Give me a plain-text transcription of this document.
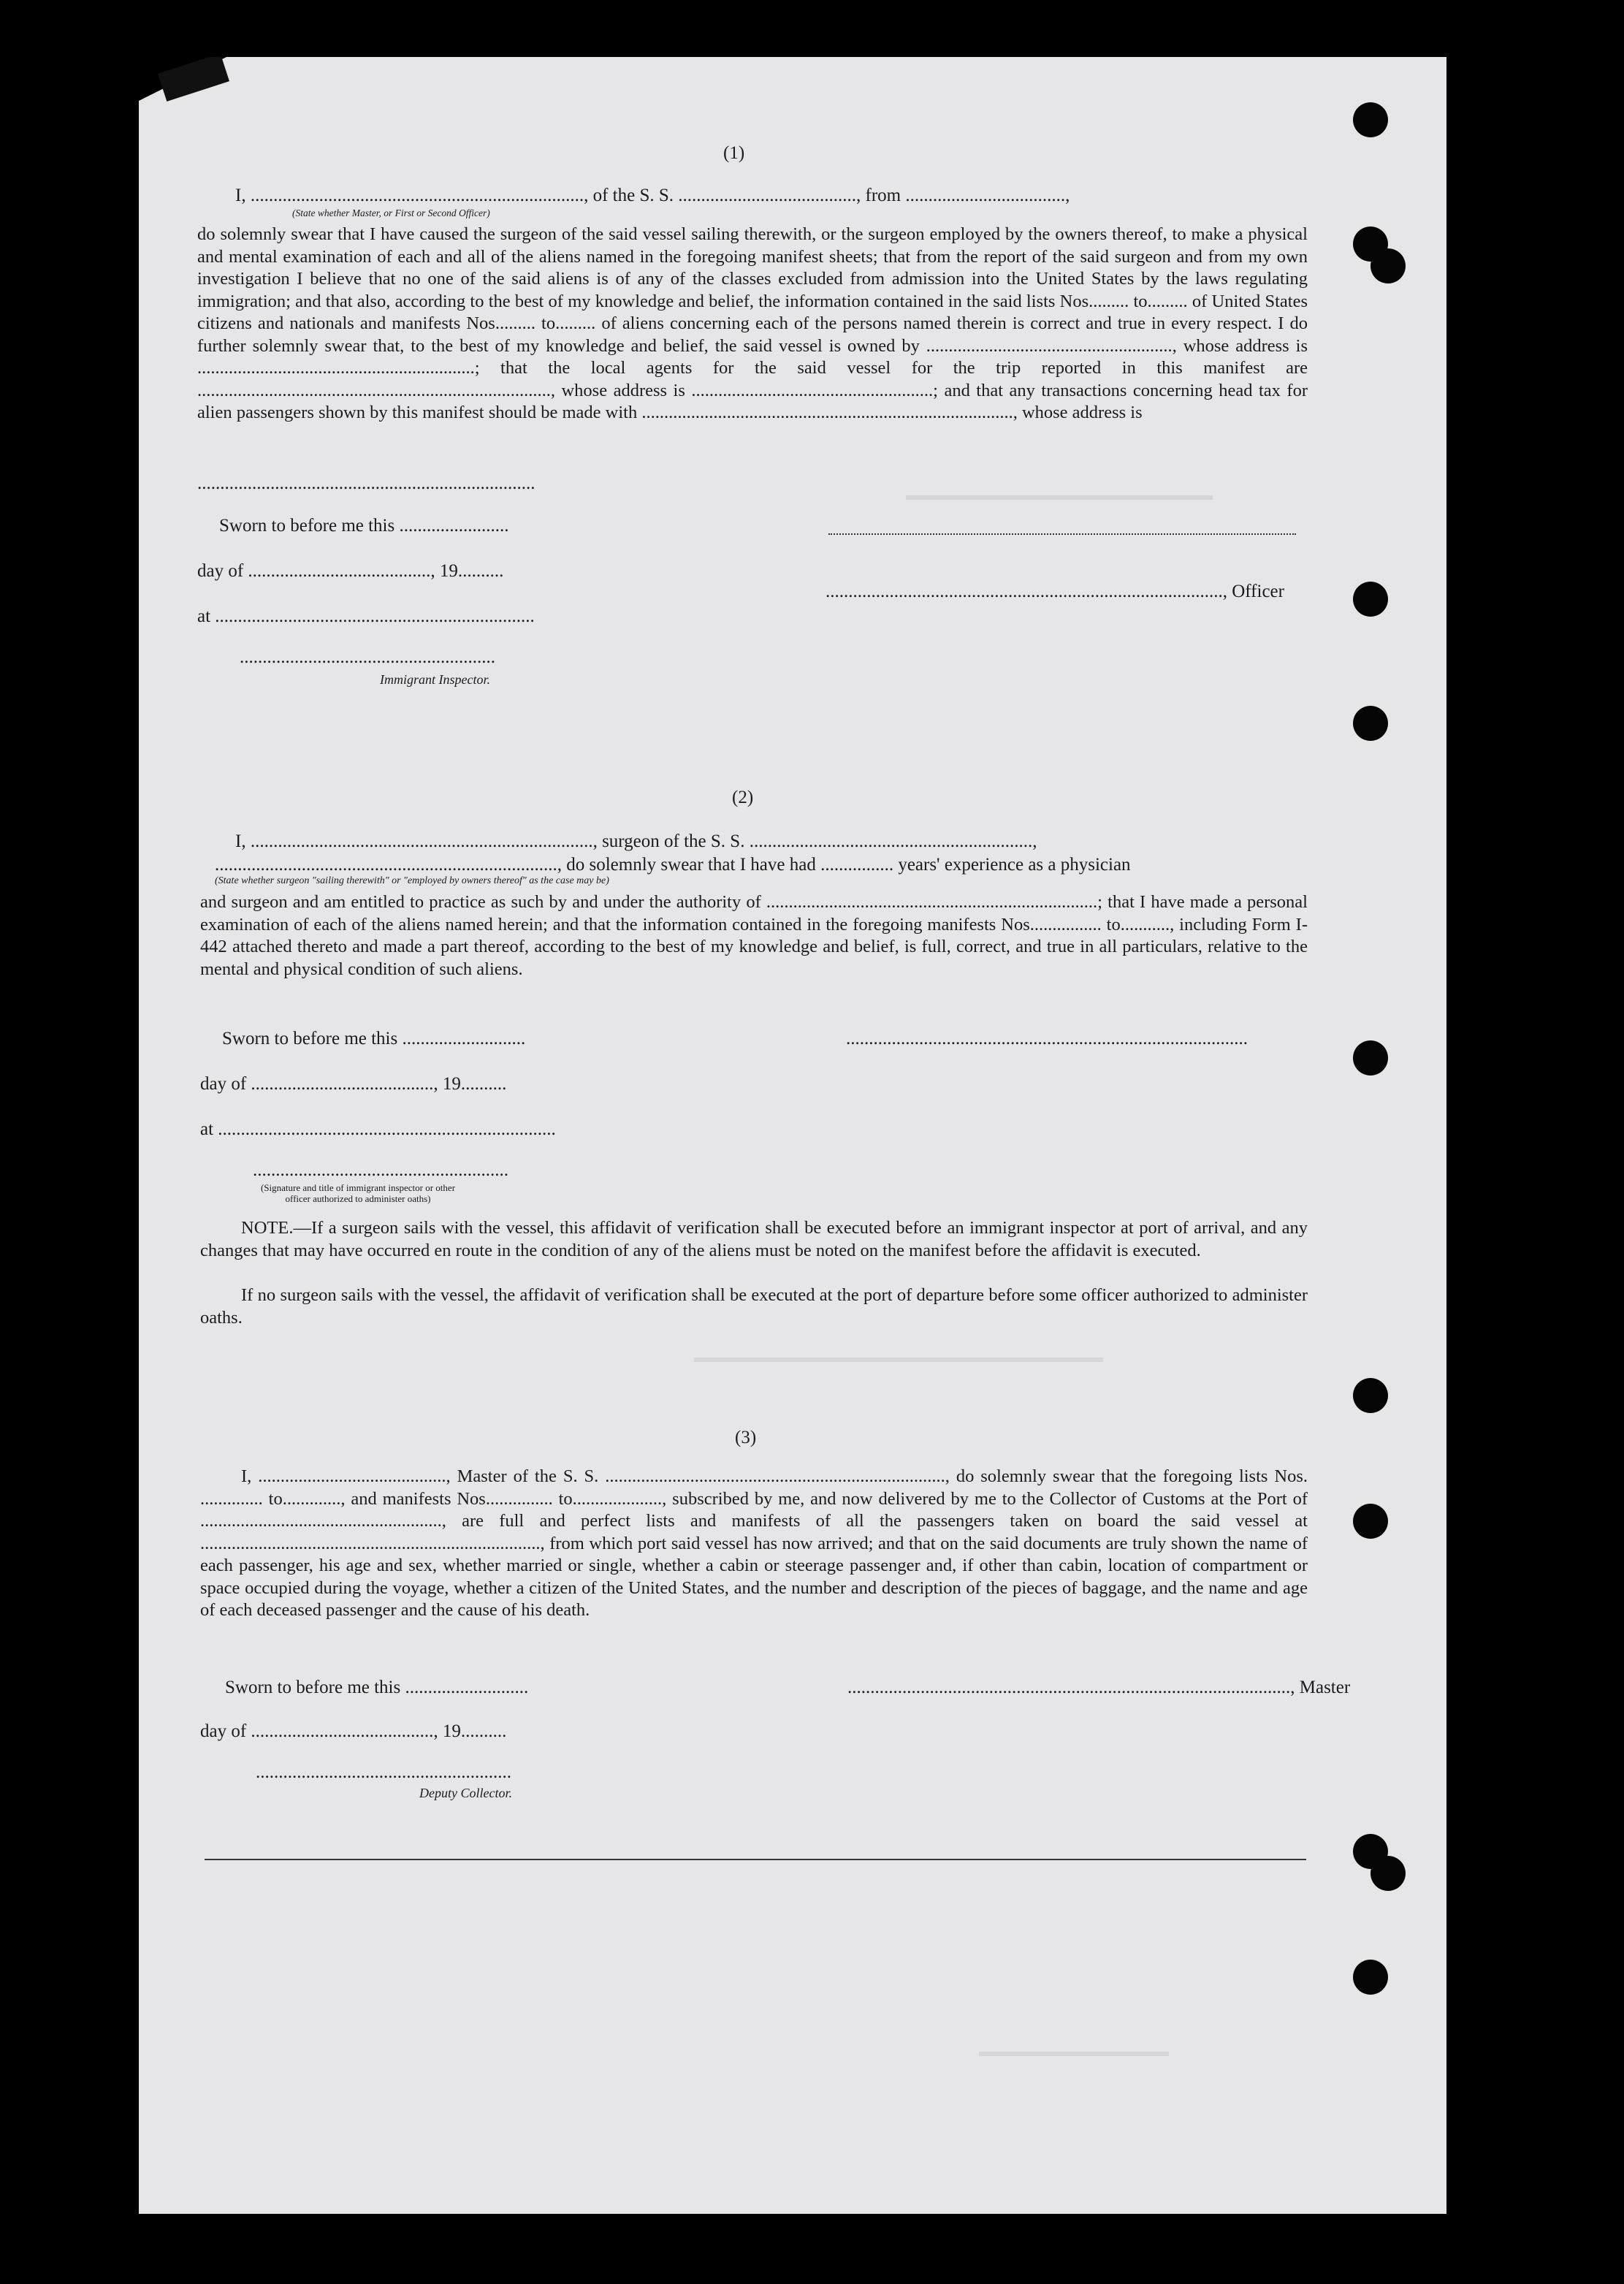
(1)
I, ........................................................................., of the S. S. ......................................., from ...................................,
(State whether Master, or First or Second Officer)
do solemnly swear that I have caused the surgeon of the said vessel sailing therewith, or the surgeon employed by the owners thereof, to make a physical and mental examination of each and all of the aliens named in the foregoing manifest sheets; that from the report of the said surgeon and from my own investigation I believe that no one of the said aliens is of any of the classes excluded from admission into the United States by the laws regulating immigration; and that also, according to the best of my knowledge and belief, the information contained in the said lists Nos......... to......... of United States citizens and nationals and manifests Nos......... to......... of aliens concerning each of the persons named therein is correct and true in every respect. I do further solemnly swear that, to the best of my knowledge and belief, the said vessel is owned by ......................................................., whose address is ..............................................................; that the local agents for the said vessel for the trip reported in this manifest are ..............................................................................., whose address is ......................................................; and that any transactions concerning head tax for alien passengers shown by this manifest should be made with ..................................................................................., whose address is
..........................................................................
Sworn to before me this ........................
day of ........................................, 19..........
......................................................................................., Officer
at ......................................................................
........................................................
Immigrant Inspector.
(2)
I, ..........................................................................., surgeon of the S. S. ..............................................................,
..........................................................................., do solemnly swear that I have had ................ years' experience as a physician
(State whether surgeon "sailing therewith" or "employed by owners thereof" as the case may be)
and surgeon and am entitled to practice as such by and under the authority of ..........................................................................; that I have made a personal examination of each of the aliens named herein; and that the information contained in the foregoing manifests Nos................ to..........., including Form I-442 attached thereto and made a part thereof, according to the best of my knowledge and belief, is full, correct, and true in all particulars, relative to the mental and physical condition of such aliens.
Sworn to before me this ...........................	........................................................................................
day of ........................................, 19..........
at ..........................................................................
........................................................
(Signature and title of immigrant inspector or other officer authorized to administer oaths)
NOTE.—If a surgeon sails with the vessel, this affidavit of verification shall be executed before an immigrant inspector at port of arrival, and any changes that may have occurred en route in the condition of any of the aliens must be noted on the manifest before the affidavit is executed.
If no surgeon sails with the vessel, the affidavit of verification shall be executed at the port of departure before some officer authorized to administer oaths.
(3)
I, .........................................., Master of the S. S. ............................................................................, do solemnly swear that the foregoing lists Nos. .............. to............., and manifests Nos............... to...................., subscribed by me, and now delivered by me to the Collector of Customs at the Port of ......................................................, are full and perfect lists and manifests of all the passengers taken on board the said vessel at ............................................................................, from which port said vessel has now arrived; and that on the said documents are truly shown the name of each passenger, his age and sex, whether married or single, whether a cabin or steerage passenger and, if other than cabin, location of compartment or space occupied during the voyage, whether a citizen of the United States, and the number and description of the pieces of baggage, and the name and age of each deceased passenger and the cause of his death.
Sworn to before me this ...........................	................................................................................................., Master
day of ........................................, 19..........
........................................................
Deputy Collector.
